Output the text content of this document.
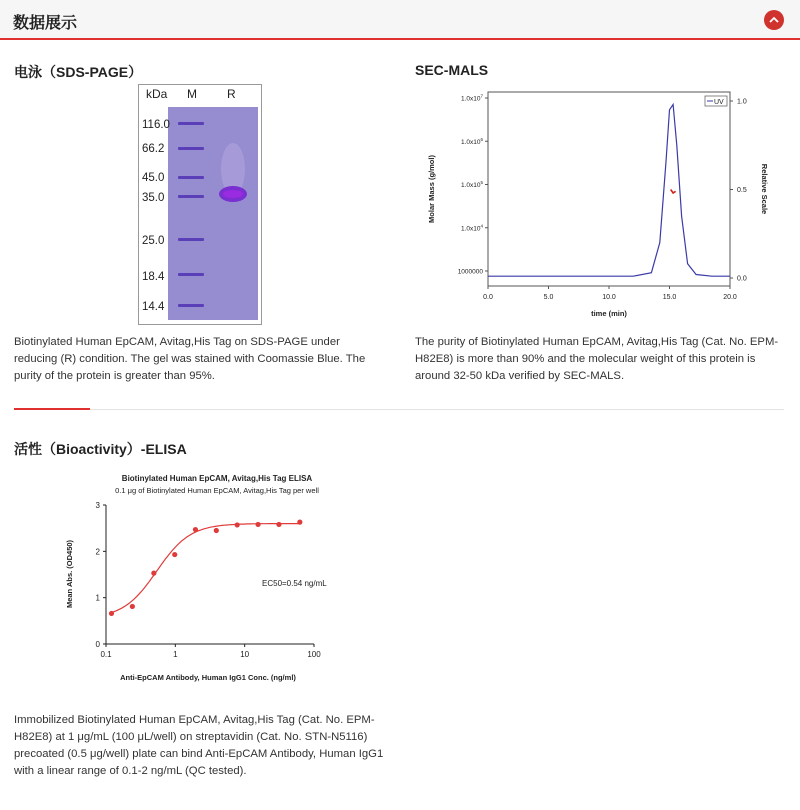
数据展示
电泳（SDS-PAGE）
kDa M	R
116.0
66.2
45.0
35.0
25.0
18.4
14.4
Biotinylated Human EpCAM, Avitag,His Tag on SDS-PAGE under reducing (R) condition. The gel was stained with Coomassie Blue. The purity of the protein is greater than 95%.
SEC-MALS
1000000
$1.0x10^4$
$1.0x10^5$
$1.0x10^6$
$1.0x10^7$
0.0
0.5
1.0
0.0	5.0	10.0	15.0	20.0
UV
time (min)
Molar Mass (g/mol)	Relative Scale
The purity of Biotinylated Human EpCAM, Avitag,His Tag (Cat. No. EPM-H82E8) is more than 90% and the molecular weight of this protein is around 32-50 kDa verified by SEC-MALS.
活性（Bioactivity）-ELISA
Biotinylated Human EpCAM, Avitag,His Tag ELISA
0.1 μg of Biotinylated Human EpCAM, Avitag,His Tag per well
0
1
2
3
0.1	1	10	100
EC50=0.54 ng/mL
Anti-EpCAM Antibody, Human IgG1 Conc. (ng/ml)
Mean Abs. (OD450)
Immobilized Biotinylated Human EpCAM, Avitag,His Tag (Cat. No. EPM-H82E8) at 1 μg/mL (100 μL/well) on streptavidin (Cat. No. STN-N5116) precoated (0.5 μg/well) plate can bind Anti-EpCAM Antibody, Human IgG1 with a linear range of 0.1-2 ng/mL (QC tested).
